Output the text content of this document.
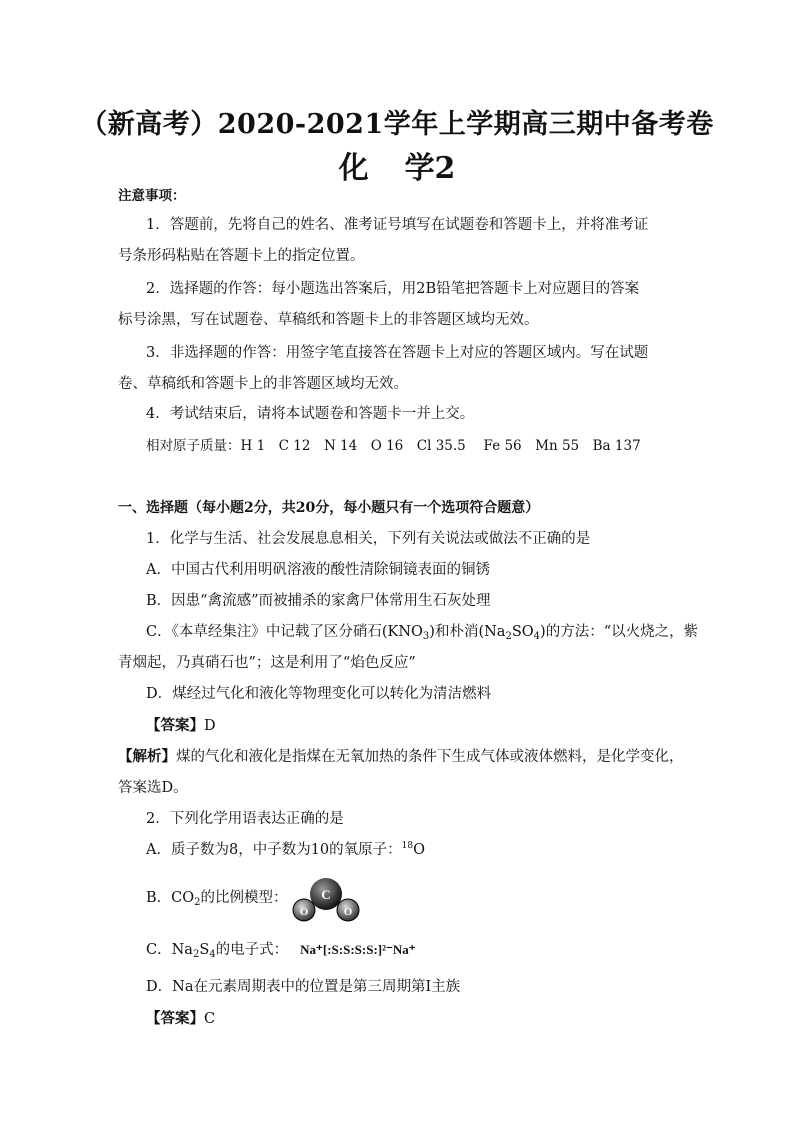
（新高考）2020-2021学年上学期高三期中备考卷
化 学2
注意事项：
1．答题前，先将自己的姓名、准考证号填写在试题卷和答题卡上，并将准考证
号条形码粘贴在答题卡上的指定位置。
2．选择题的作答：每小题选出答案后，用2B铅笔把答题卡上对应题目的答案
标号涂黑，写在试题卷、草稿纸和答题卡上的非答题区域均无效。
3．非选择题的作答：用签字笔直接答在答题卡上对应的答题区域内。写在试题
卷、草稿纸和答题卡上的非答题区域均无效。
4．考试结束后，请将本试题卷和答题卡一并上交。
相对原子质量：H 1　C 12　N 14　O 16　Cl 35.5　 Fe 56　Mn 55　Ba 137
一、选择题（每小题2分，共20分，每小题只有一个选项符合题意）
1．化学与生活、社会发展息息相关，下列有关说法或做法不正确的是
A．中国古代利用明矾溶液的酸性清除铜镜表面的铜锈
B．因患“禽流感”而被捕杀的家禽尸体常用生石灰处理
C．《本草经集注》中记载了区分硝石$(KNO_3)$和朴消$(Na_2SO_4)$的方法：“以火烧之，紫
青烟起，乃真硝石也”；这是利用了“焰色反应”
D．煤经过气化和液化等物理变化可以转化为清洁燃料
【答案】D
【解析】煤的气化和液化是指煤在无氧加热的条件下生成气体或液体燃料，是化学变化，
答案选D。
2．下列化学用语表达正确的是
A．质子数为8，中子数为10的氧原子：$^{18}$O
B．$CO_2$的比例模型：	C
O	O
C．$Na_2S_4$的电子式： Na⁺[:S:S:S:S:]²⁻Na⁺
D．Na在元素周期表中的位置是第三周期第Ⅰ主族
【答案】C
